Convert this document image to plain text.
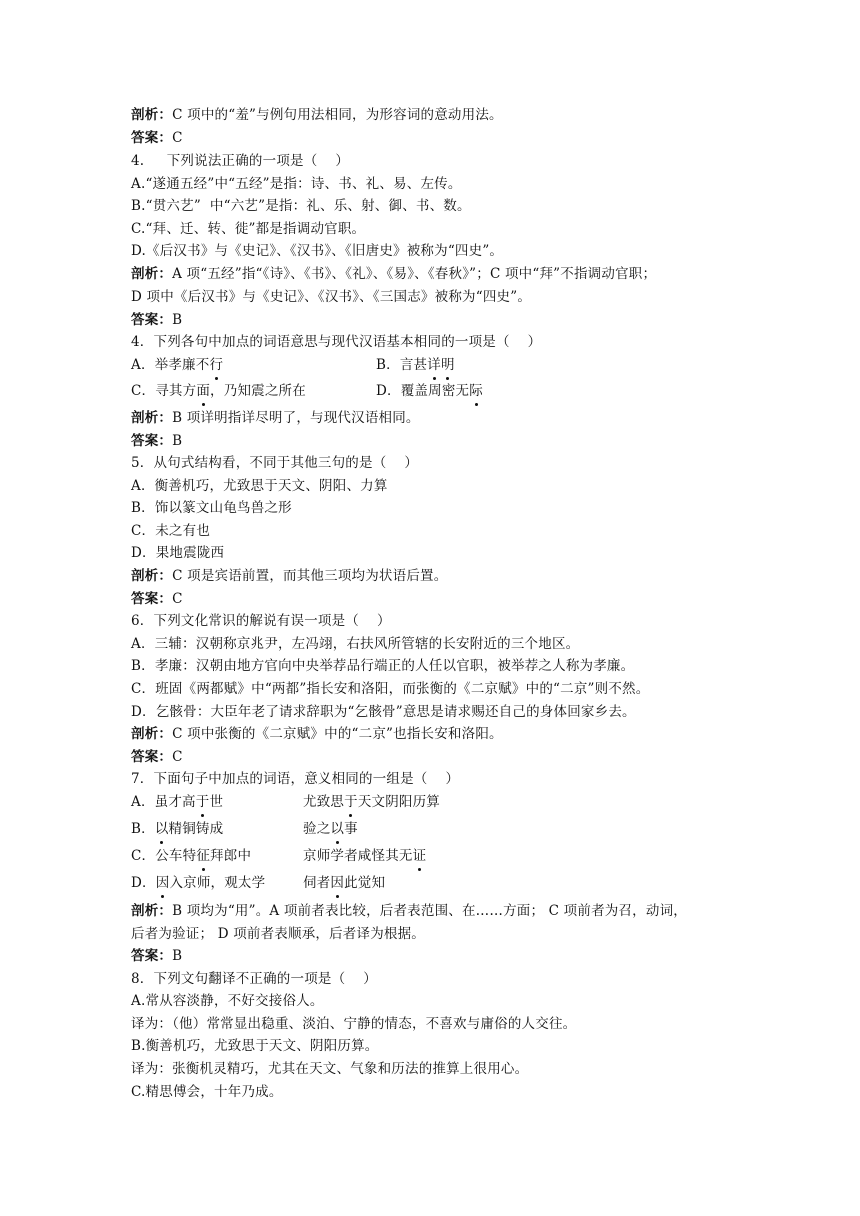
剖析：C 项中的“羞”与例句用法相同，为形容词的意动用法。
答案：C
4.     下列说法正确的一项是（    ）
A.“遂通五经”中“五经”是指：诗、书、礼、易、左传。
B.“贯六艺”  中“六艺”是指：礼、乐、射、御、书、数。
C.“拜、迁、转、徙”都是指调动官职。
D.《后汉书》与《史记》、《汉书》、《旧唐史》被称为“四史”。
剖析：A 项“五经”指“《诗》、《书》、《礼》、《易》、《春秋》”；C 项中“拜”不指调动官职；
D 项中《后汉书》与《史记》、《汉书》、《三国志》被称为“四史”。
答案：B
4．下列各句中加点的词语意思与现代汉语基本相同的一项是（    ）
A．举孝廉不行	B．言甚详明
C．寻其方面，乃知震之所在	D．覆盖周密无际
剖析：B 项详明指详尽明了，与现代汉语相同。
答案：B
5．从句式结构看，不同于其他三句的是（    ）
A．衡善机巧，尤致思于天文、阴阳、力算
B．饰以篆文山龟鸟兽之形
C．未之有也
D．果地震陇西
剖析：C 项是宾语前置，而其他三项均为状语后置。
答案：C
6．下列文化常识的解说有误一项是（    ）
A．三辅：汉朝称京兆尹，左冯翊，右扶风所管辖的长安附近的三个地区。
B．孝廉：汉朝由地方官向中央举荐品行端正的人任以官职，被举荐之人称为孝廉。
C．班固《两都赋》中“两都”指长安和洛阳，而张衡的《二京赋》中的“二京”则不然。
D．乞骸骨：大臣年老了请求辞职为“乞骸骨”意思是请求赐还自己的身体回家乡去。
剖析：C 项中张衡的《二京赋》中的“二京”也指长安和洛阳。
答案：C
7．下面句子中加点的词语，意义相同的一组是（    ）
A．虽才高于世	尤致思于天文阴阳历算
B．以精铜铸成	验之以事
C．公车特征拜郎中	京师学者咸怪其无证
D．因入京师，观太学	伺者因此觉知
剖析：B 项均为“用”。A 项前者表比较，后者表范围、在……方面； C 项前者为召，动词，
后者为验证； D 项前者表顺承，后者译为根据。
答案：B
8．下列文句翻译不正确的一项是（    ）
A.常从容淡静，不好交接俗人。
译为：（他）常常显出稳重、淡泊、宁静的情态，不喜欢与庸俗的人交往。
B.衡善机巧，尤致思于天文、阴阳历算。
译为：张衡机灵精巧，尤其在天文、气象和历法的推算上很用心。
C.精思傅会，十年乃成。
